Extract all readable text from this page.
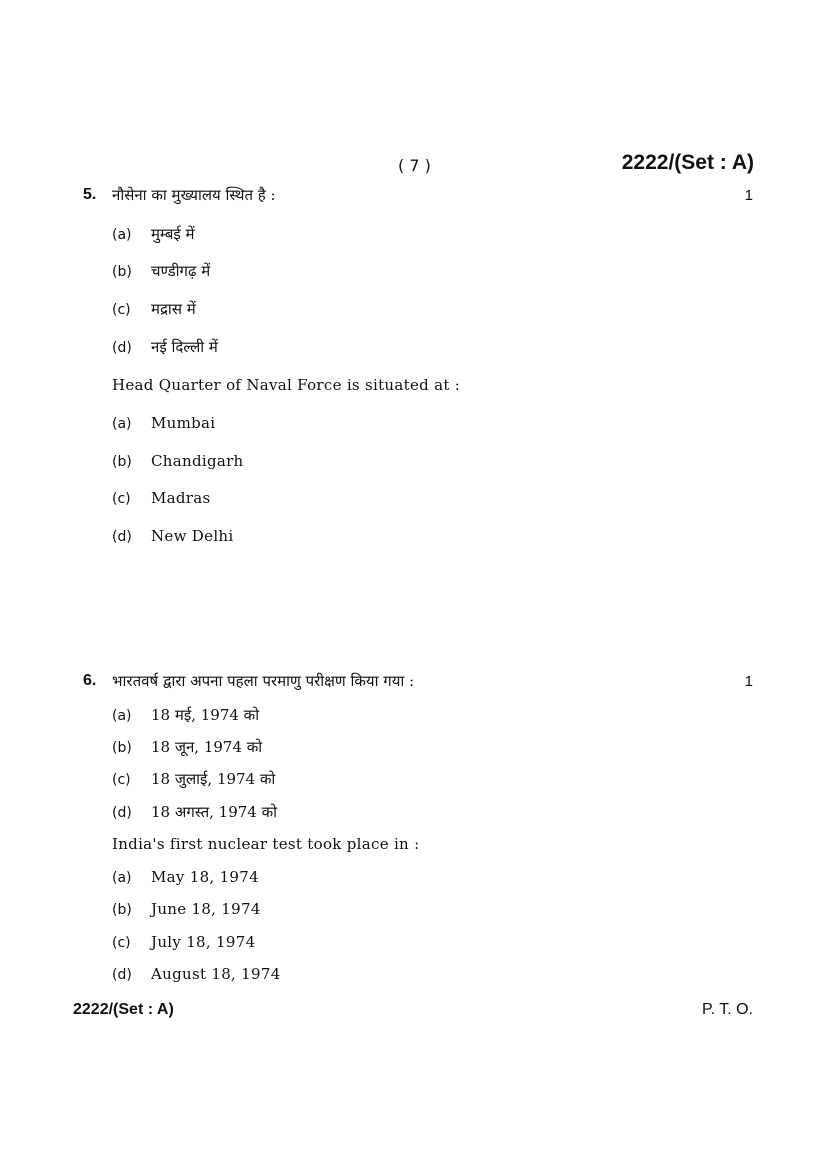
( 7 )	2222/(Set : A)
5. नौसेना का मुख्यालय स्थित है :	1
(a) मुम्बई में
(b) चण्डीगढ़ में
(c) मद्रास में
(d) नई दिल्ली में
Head Quarter of Naval Force is situated at :
(a) Mumbai
(b) Chandigarh
(c) Madras
(d) New Delhi
6. भारतवर्ष द्वारा अपना पहला परमाणु परीक्षण किया गया :	1
(a) 18 मई, 1974 को
(b) 18 जून, 1974 को
(c) 18 जुलाई, 1974 को
(d) 18 अगस्त, 1974 को
India's first nuclear test took place in :
(a) May 18, 1974
(b) June 18, 1974
(c) July 18, 1974
(d) August 18, 1974
2222/(Set : A)	P. T. O.
